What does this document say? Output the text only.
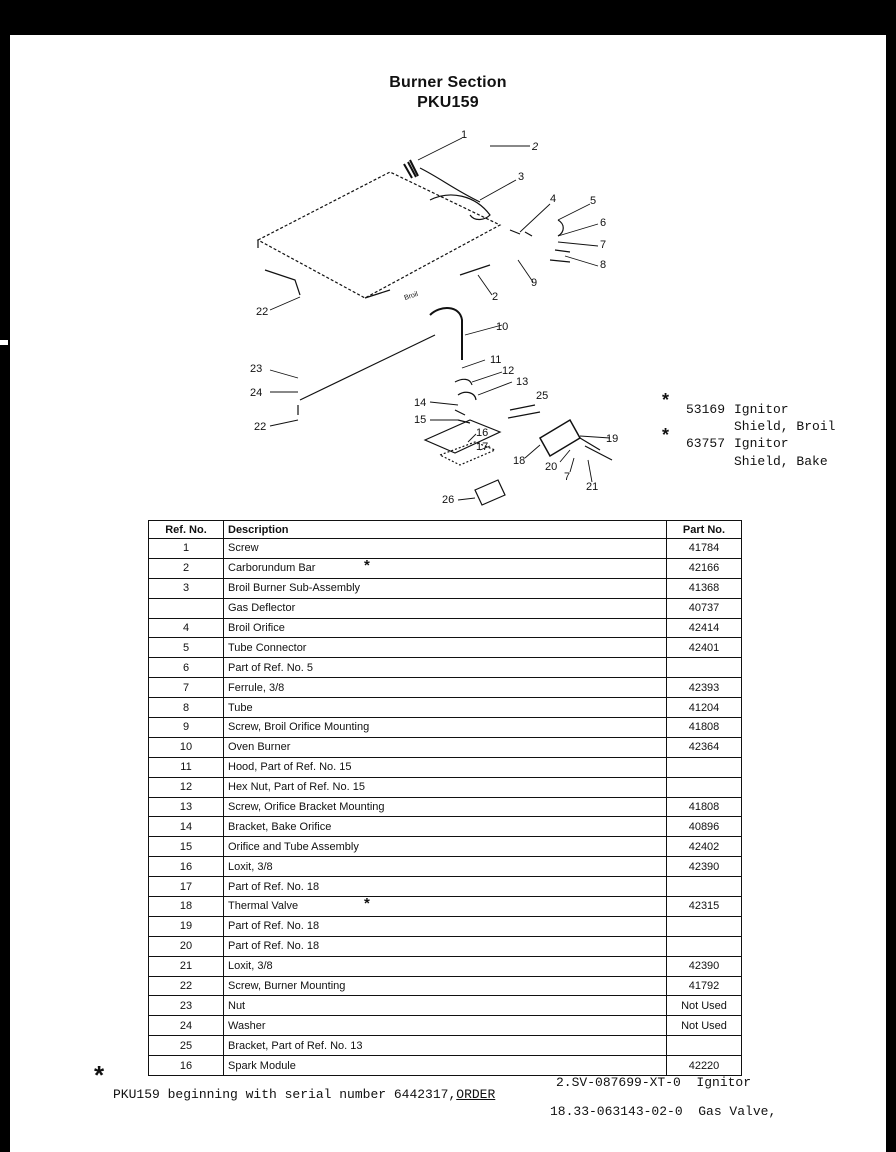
Burner Section
PKU159
1
2
3
4	5
6
7
8
9
2
22
10
11
12
13
25
23
24
14
15
22	16
17
18 20
7
21
19
26
Broil
* 53169 Ignitor
Shield, Broil
* 63757 Ignitor
Shield, Bake
Ref. No.	Description	Part No.
1	Screw	41784
2	Carborundum Bar *	42166
3	Broil Burner Sub-Assembly	41368
	Gas Deflector	40737
4	Broil Orifice	42414
5	Tube Connector	42401
6	Part of Ref. No. 5	
7	Ferrule, 3/8	42393
8	Tube	41204
9	Screw, Broil Orifice Mounting	41808
10	Oven Burner	42364
11	Hood, Part of Ref. No. 15	
12	Hex Nut, Part of Ref. No. 15	
13	Screw, Orifice Bracket Mounting	41808
14	Bracket, Bake Orifice	40896
15	Orifice and Tube Assembly	42402
16	Loxit, 3/8	42390
17	Part of Ref. No. 18	
18	Thermal Valve *	42315
19	Part of Ref. No. 18	
20	Part of Ref. No. 18	
21	Loxit, 3/8	42390
22	Screw, Burner Mounting	41792
23	Nut	Not Used
24	Washer	Not Used
25	Bracket, Part of Ref. No. 13	
16	Spark Module	42220
*
PKU159 beginning with serial number 6442317,ORDER
2.SV-087699-XT-0  Ignitor
18.33-063143-02-0  Gas Valve,
